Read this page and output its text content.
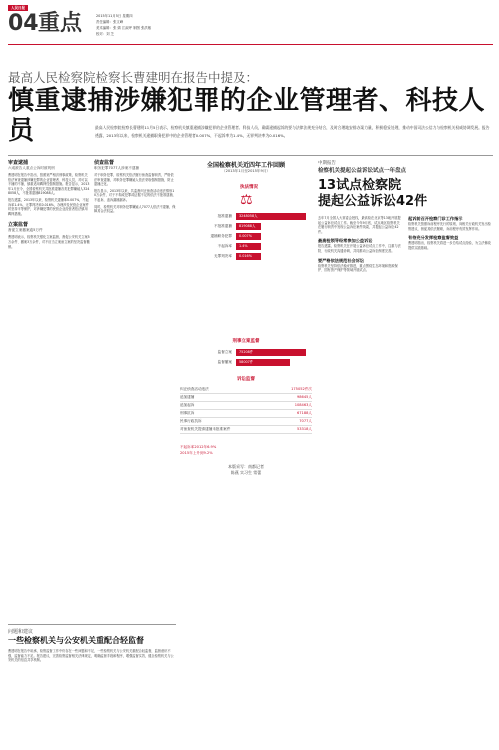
人民日报
04 重点	2015年11月5日 星期四
责任编辑：张文峰
美术编辑：张 婧 江淑坪 制图 张洪敏
校对：刘 芝
最高人民检察院检察长曹建明在报告中提及：
慎重逮捕涉嫌犯罪的企业管理者、科技人员	最高人民检察院检察长曹建明11月5日表示，检察机关慎重逮捕涉嫌犯罪的企业管理者、科技人员，确需逮捕起诉的要与法律法规充分结合，及时合理地安排办案力量，积极稳妥处理，推动中国司法公信力与检察机关权威协调发展。报告透露，2013年以来，检察机关逮捕职务犯罪中的企业管理者0.007%，不起诉率为1.4%，无罪判决率为0.016%。
审查逮捕
六成被告人重点公诉时被判刑
曹建明在报告中指出，按照宽严相济刑事政策，检察机关依法审查逮捕涉嫌犯罪的企业管理者、科技人员，对可以不捕的不捕，慎重适用羁押性强制措施。报告显示，2013年1月至今，全国检察机关共批准逮捕各类犯罪嫌疑人3248058人，不批准逮捕819088人。
报告透露，2013年以来，检察机关逮捕率0.007%，不起诉率1.4%，无罪判决率0.016%，办理涉及民营企业案件时坚持平等保护，对涉嫌犯罪的民营企业经营者依法慎用羁押措施。
立案监督
督促立案撤案逾5万件
曹建明表示，检察机关强化立案监督，督促公安机关立案5万余件、撤案3万余件，对不应当立案而立案的坚决监督撤销。
侦查监督
职务犯罪7077人涉案不逮捕
对于职务犯罪，检察机关依法履行侦查监督职责，严格依法审查逮捕，对职务犯罪嫌疑人依法采取强制措施，防止逮捕泛化。
报告显示，2013年以来，共监督纠正侦查活动违法情形10万余件，对于不构成犯罪或证据不足的依法不批准逮捕，不起诉，追诉漏捕漏诉。
同时，检察机关对职务犯罪嫌疑人7077人依法不逮捕，保障其合法权益。
全国检察机关近四年工作回顾
（2013年1月至2015年9月）
执法情况
⚖
批准逮捕	3248058人
不批准逮捕	819088人
逮捕职务犯罪	0.007%
不起诉率	1.4%
无罪判决率	0.016%
刑事立案监督
监督立案	75208件
监督撤案	58007件
诉讼监督
纠正侦查活动违法	175052件次
追加逮捕	98645人
追加起诉	108463人
刑事抗诉	67188人
民事行政抗诉	7077人
对侦查机关提请逮捕未批准案件	53318人
不起诉率2012年6.9%
2015年上升到9.2%
本版采写：南都记者
陈燕 实习生 常蕾
中期报告
检察机关提起公益诉讼试点一年盘点
13试点检察院
提起公益诉讼42件
去年7月全国人大常委会授权，最高检在北京等13地开展提起公益诉讼试点工作。截至今年9月底，试点地区检察机关在履行职责中发现公益诉讼案件线索，共提起公益诉讼42件。
最高检领导经常参加公益诉讼
报告透露，检察机关在开展公益诉讼试点工作中，注重与法院、行政机关沟通协调，共同推动公益诉讼制度完善。
要严格依法规范社会诉讼
检察机关坚持依法稳妥推进，重点围绕生态环境和资源保护、国有资产保护等领域开展试点。
起诉前召开检察门诊工作指示
检察机关按照诉前程序先行的原则，向相关行政机关发出检察建议，督促其依法履职，诉前程序有效发挥作用。
有待充分发挥检察监督效益
曹建明指出，检察机关将进一步总结试点经验，为立法修改提供实践基础。
问题和建议
一些检察机关与公安机关重配合轻监督
曹建明在报告中坦承，检察监督工作中仍存在一些问题和不足，一些检察机关与公安机关重配合轻监督，监督意识不强，监督能力不足。报告建议，完善检察监督相关法律规定，明确监督手段和程序，增强监督实效，健全检察机关与公安机关的信息共享机制。
